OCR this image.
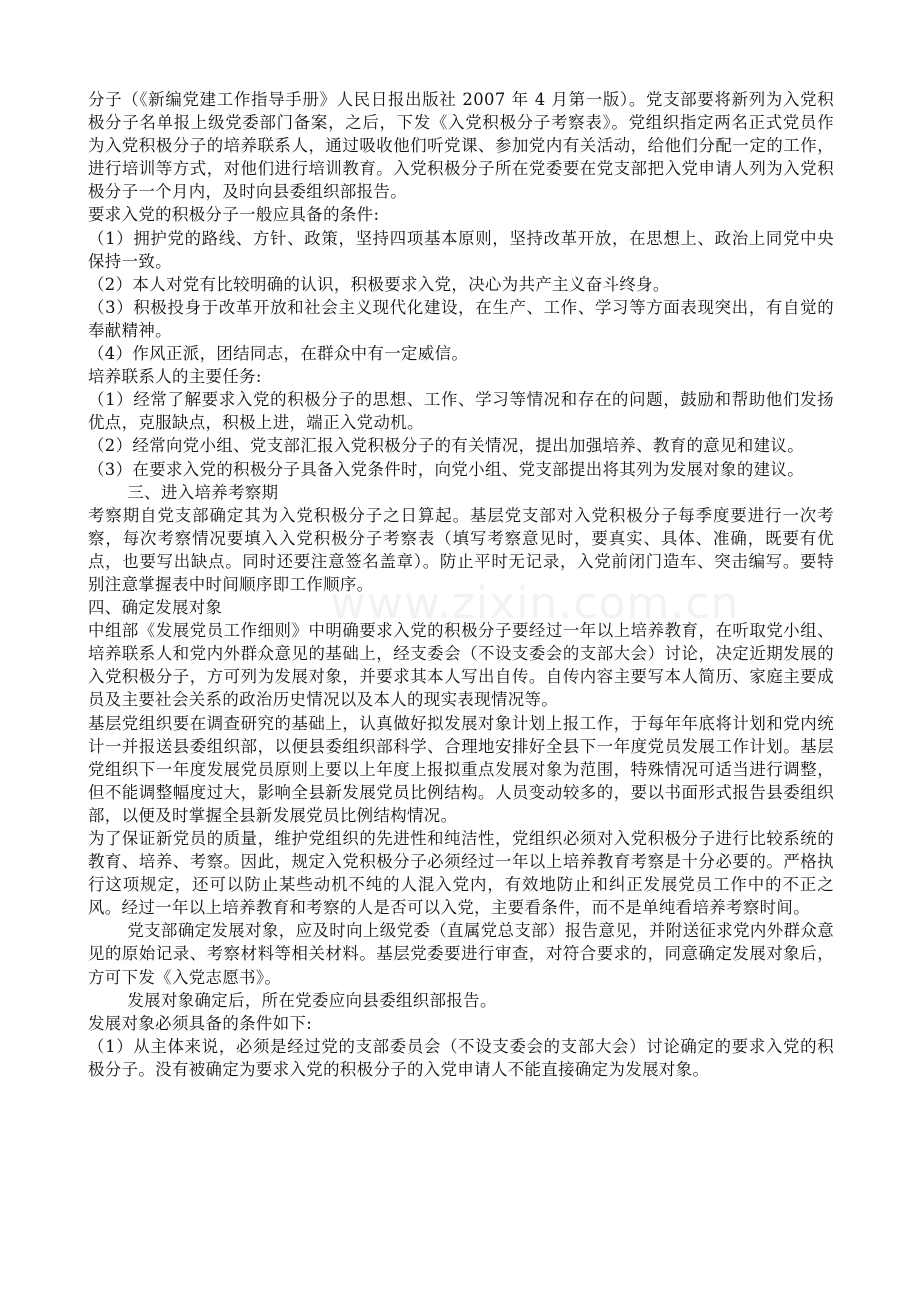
www.zixin.com.cn

分子（《新编党建工作指导手册》人民日报出版社 2007 年 4 月第一版）。党支部要将新列为入党积极分子名单报上级党委部门备案，之后，下发《入党积极分子考察表》。党组织指定两名正式党员作为入党积极分子的培养联系人，通过吸收他们听党课、参加党内有关活动，给他们分配一定的工作，进行培训等方式，对他们进行培训教育。入党积极分子所在党委要在党支部把入党申请人列为入党积极分子一个月内，及时向县委组织部报告。

要求入党的积极分子一般应具备的条件:

（1）拥护党的路线、方针、政策，坚持四项基本原则，坚持改革开放，在思想上、政治上同党中央保持一致。

（2）本人对党有比较明确的认识，积极要求入党，决心为共产主义奋斗终身。

（3）积极投身于改革开放和社会主义现代化建设，在生产、工作、学习等方面表现突出，有自觉的奉献精神。

（4）作风正派，团结同志，在群众中有一定威信。

培养联系人的主要任务:

（1）经常了解要求入党的积极分子的思想、工作、学习等情况和存在的问题，鼓励和帮助他们发扬优点，克服缺点，积极上进，端正入党动机。

（2）经常向党小组、党支部汇报入党积极分子的有关情况，提出加强培养、教育的意见和建议。

（3）在要求入党的积极分子具备入党条件时，向党小组、党支部提出将其列为发展对象的建议。

三、进入培养考察期

考察期自党支部确定其为入党积极分子之日算起。基层党支部对入党积极分子每季度要进行一次考察，每次考察情况要填入入党积极分子考察表（填写考察意见时，要真实、具体、准确，既要有优点，也要写出缺点。同时还要注意签名盖章）。防止平时无记录，入党前闭门造车、突击编写。要特别注意掌握表中时间顺序即工作顺序。

四、确定发展对象

中组部《发展党员工作细则》中明确要求入党的积极分子要经过一年以上培养教育，在听取党小组、培养联系人和党内外群众意见的基础上，经支委会（不设支委会的支部大会）讨论，决定近期发展的入党积极分子，方可列为发展对象，并要求其本人写出自传。自传内容主要写本人简历、家庭主要成员及主要社会关系的政治历史情况以及本人的现实表现情况等。

基层党组织要在调查研究的基础上，认真做好拟发展对象计划上报工作，于每年年底将计划和党内统计一并报送县委组织部，以便县委组织部科学、合理地安排好全县下一年度党员发展工作计划。基层党组织下一年度发展党员原则上要以上年度上报拟重点发展对象为范围，特殊情况可适当进行调整，但不能调整幅度过大，影响全县新发展党员比例结构。人员变动较多的，要以书面形式报告县委组织部，以便及时掌握全县新发展党员比例结构情况。

为了保证新党员的质量，维护党组织的先进性和纯洁性，党组织必须对入党积极分子进行比较系统的教育、培养、考察。因此，规定入党积极分子必须经过一年以上培养教育考察是十分必要的。严格执行这项规定，还可以防止某些动机不纯的人混入党内，有效地防止和纠正发展党员工作中的不正之风。经过一年以上培养教育和考察的人是否可以入党，主要看条件，而不是单纯看培养考察时间。

党支部确定发展对象，应及时向上级党委（直属党总支部）报告意见，并附送征求党内外群众意见的原始记录、考察材料等相关材料。基层党委要进行审查，对符合要求的，同意确定发展对象后，方可下发《入党志愿书》。

发展对象确定后，所在党委应向县委组织部报告。

发展对象必须具备的条件如下:

（1）从主体来说，必须是经过党的支部委员会（不设支委会的支部大会）讨论确定的要求入党的积极分子。没有被确定为要求入党的积极分子的入党申请人不能直接确定为发展对象。
